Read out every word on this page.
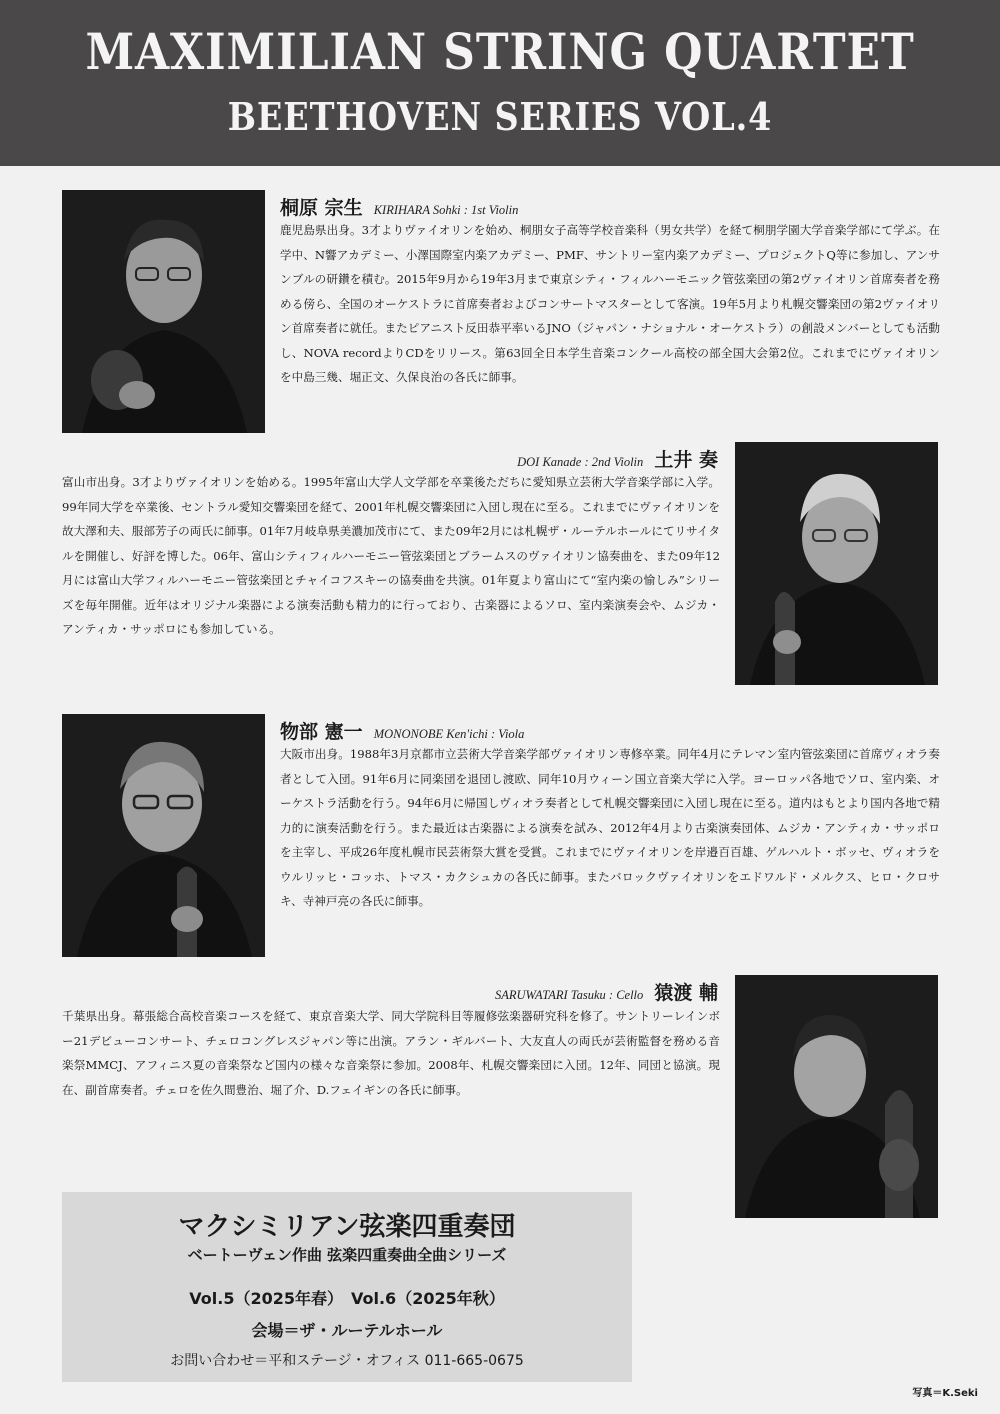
MAXIMILIAN STRING QUARTET
BEETHOVEN SERIES VOL.4
桐原 宗生 KIRIHARA Sohki : 1st Violin

鹿児島県出身。3才よりヴァイオリンを始め、桐朋女子高等学校音楽科（男女共学）を経て桐朋学園大学音楽学部にて学ぶ。在学中、N響アカデミー、小澤国際室内楽アカデミー、PMF、サントリー室内楽アカデミー、プロジェクトQ等に参加し、アンサンブルの研鑽を積む。2015年9月から19年3月まで東京シティ・フィルハーモニック管弦楽団の第2ヴァイオリン首席奏者を務める傍ら、全国のオーケストラに首席奏者およびコンサートマスターとして客演。19年5月より札幌交響楽団の第2ヴァイオリン首席奏者に就任。またピアニスト反田恭平率いるJNO（ジャパン・ナショナル・オーケストラ）の創設メンバーとしても活動し、NOVA recordよりCDをリリース。第63回全日本学生音楽コンクール高校の部全国大会第2位。これまでにヴァイオリンを中島三幾、堀正文、久保良治の各氏に師事。

DOI Kanade : 2nd Violin 土井 奏

富山市出身。3才よりヴァイオリンを始める。1995年富山大学人文学部を卒業後ただちに愛知県立芸術大学音楽学部に入学。99年同大学を卒業後、セントラル愛知交響楽団を経て、2001年札幌交響楽団に入団し現在に至る。これまでにヴァイオリンを故大澤和夫、服部芳子の両氏に師事。01年7月岐阜県美濃加茂市にて、また09年2月には札幌ザ・ルーテルホールにてリサイタルを開催し、好評を博した。06年、富山シティフィルハーモニー管弦楽団とブラームスのヴァイオリン協奏曲を、また09年12月には富山大学フィルハーモニー管弦楽団とチャイコフスキーの協奏曲を共演。01年夏より富山にて“室内楽の愉しみ”シリーズを毎年開催。近年はオリジナル楽器による演奏活動も精力的に行っており、古楽器によるソロ、室内楽演奏会や、ムジカ・アンティカ・サッポロにも参加している。

物部 憲一 MONONOBE Ken'ichi : Viola

大阪市出身。1988年3月京都市立芸術大学音楽学部ヴァイオリン専修卒業。同年4月にテレマン室内管弦楽団に首席ヴィオラ奏者として入団。91年6月に同楽団を退団し渡欧、同年10月ウィーン国立音楽大学に入学。ヨーロッパ各地でソロ、室内楽、オーケストラ活動を行う。94年6月に帰国しヴィオラ奏者として札幌交響楽団に入団し現在に至る。道内はもとより国内各地で精力的に演奏活動を行う。また最近は古楽器による演奏を試み、2012年4月より古楽演奏団体、ムジカ・アンティカ・サッポロを主宰し、平成26年度札幌市民芸術祭大賞を受賞。これまでにヴァイオリンを岸邉百百雄、ゲルハルト・ボッセ、ヴィオラをウルリッヒ・コッホ、トマス・カクシュカの各氏に師事。またバロックヴァイオリンをエドワルド・メルクス、ヒロ・クロサキ、寺神戸亮の各氏に師事。

SARUWATARI Tasuku : Cello 猿渡 輔

千葉県出身。幕張総合高校音楽コースを経て、東京音楽大学、同大学院科目等履修弦楽器研究科を修了。サントリーレインボー21デビューコンサート、チェロコングレスジャパン等に出演。アラン・ギルバート、大友直人の両氏が芸術監督を務める音楽祭MMCJ、アフィニス夏の音楽祭など国内の様々な音楽祭に参加。2008年、札幌交響楽団に入団。12年、同団と協演。現在、副首席奏者。チェロを佐久間豊治、堀了介、D.フェイギンの各氏に師事。

マクシミリアン弦楽四重奏団
ベートーヴェン作曲 弦楽四重奏曲全曲シリーズ
Vol.5（2025年春）　Vol.6（2025年秋）
会場＝ザ・ルーテルホール
お問い合わせ＝平和ステージ・オフィス 011-665-0675
写真＝K.Seki
